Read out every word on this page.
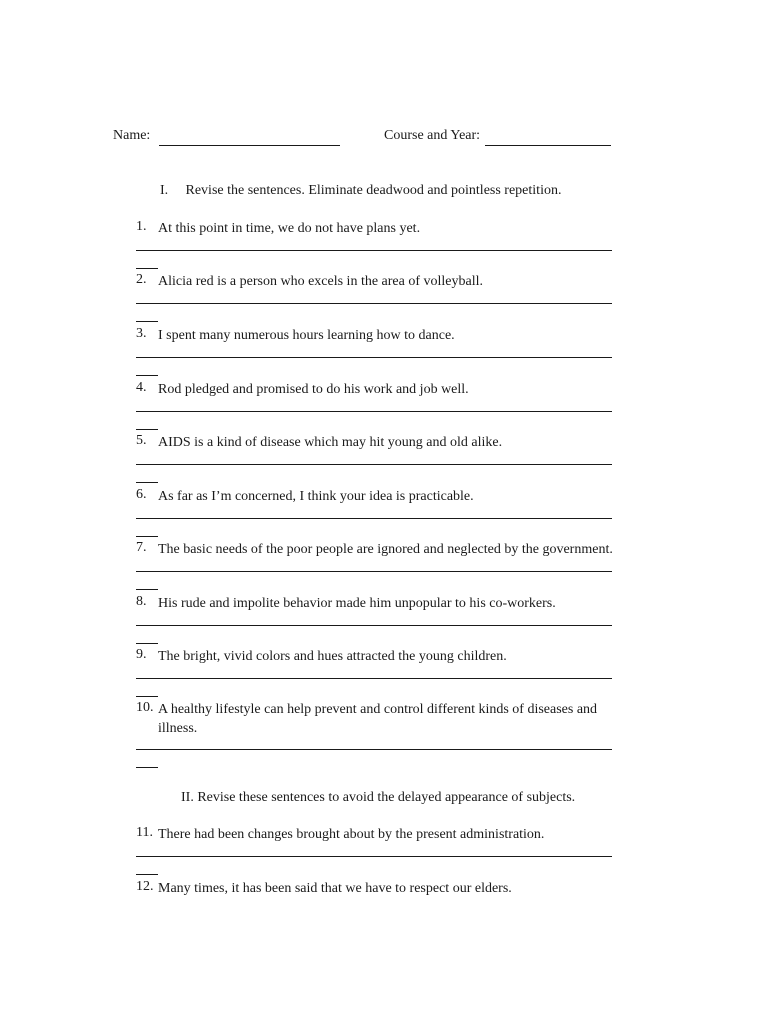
Name:	Course and Year:
I. Revise the sentences. Eliminate deadwood and pointless repetition.
1. At this point in time, we do not have plans yet.
2. Alicia red is a person who excels in the area of volleyball.
3. I spent many numerous hours learning how to dance.
4. Rod pledged and promised to do his work and job well.
5. AIDS is a kind of disease which may hit young and old alike.
6. As far as I’m concerned, I think your idea is practicable.
7. The basic needs of the poor people are ignored and neglected by the government.
8. His rude and impolite behavior made him unpopular to his co-workers.
9. The bright, vivid colors and hues attracted the young children.
10. A healthy lifestyle can help prevent and control different kinds of diseases and illness.
II. Revise these sentences to avoid the delayed appearance of subjects.
11. There had been changes brought about by the present administration.
12. Many times, it has been said that we have to respect our elders.
